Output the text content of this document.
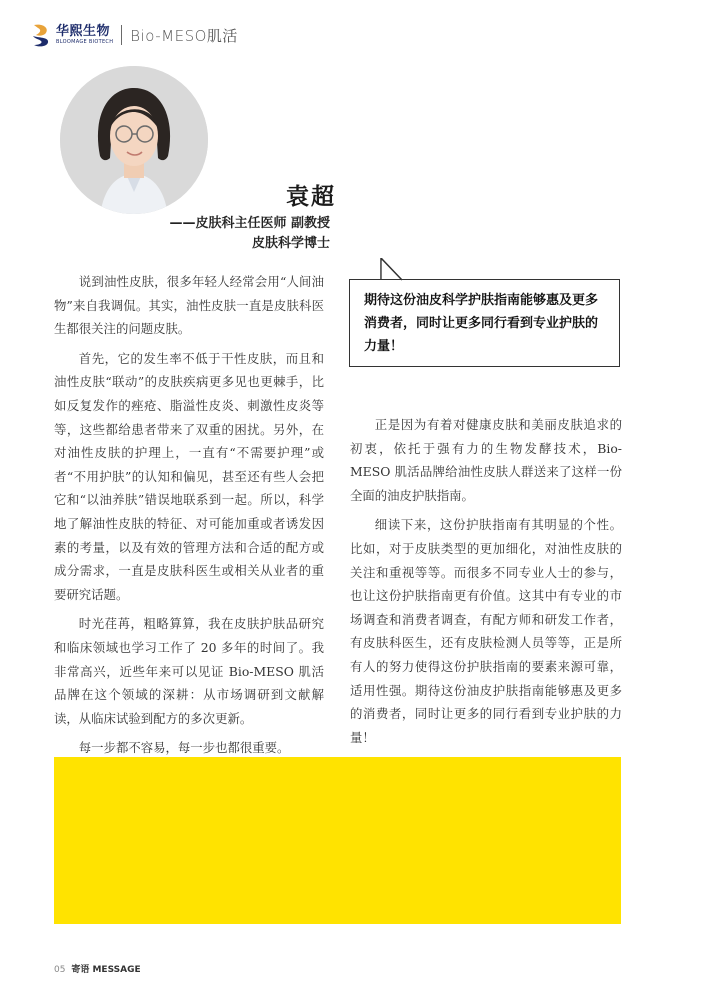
华熙生物
BLOOMAGE BIOTECH Bio-MESO肌活
袁超
——皮肤科主任医师 副教授
皮肤科学博士

说到油性皮肤，很多年轻人经常会用“人间油物”来自我调侃。其实，油性皮肤一直是皮肤科医生都很关注的问题皮肤。

首先，它的发生率不低于干性皮肤，而且和油性皮肤“联动”的皮肤疾病更多见也更棘手，比如反复发作的痤疮、脂溢性皮炎、刺激性皮炎等等，这些都给患者带来了双重的困扰。另外，在对油性皮肤的护理上，一直有“不需要护理”或者“不用护肤”的认知和偏见，甚至还有些人会把它和“以油养肤”错误地联系到一起。所以，科学地了解油性皮肤的特征、对可能加重或者诱发因素的考量，以及有效的管理方法和合适的配方或成分需求，一直是皮肤科医生或相关从业者的重要研究话题。

时光荏苒，粗略算算，我在皮肤护肤品研究和临床领域也学习工作了 20 多年的时间了。我非常高兴，近些年来可以见证 Bio-MESO 肌活品牌在这个领域的深耕：从市场调研到文献解读，从临床试验到配方的多次更新。

每一步都不容易，每一步也都很重要。

期待这份油皮科学护肤指南能够惠及更多消费者，同时让更多同行看到专业护肤的力量！

正是因为有着对健康皮肤和美丽皮肤追求的初衷，依托于强有力的生物发酵技术，Bio-MESO 肌活品牌给油性皮肤人群送来了这样一份全面的油皮护肤指南。

细读下来，这份护肤指南有其明显的个性。比如，对于皮肤类型的更加细化，对油性皮肤的关注和重视等等。而很多不同专业人士的参与，也让这份护肤指南更有价值。这其中有专业的市场调查和消费者调查，有配方师和研发工作者，有皮肤科医生，还有皮肤检测人员等等，正是所有人的努力使得这份护肤指南的要素来源可靠，适用性强。期待这份油皮护肤指南能够惠及更多的消费者，同时让更多的同行看到专业护肤的力量！

05 寄语 MESSAGE
